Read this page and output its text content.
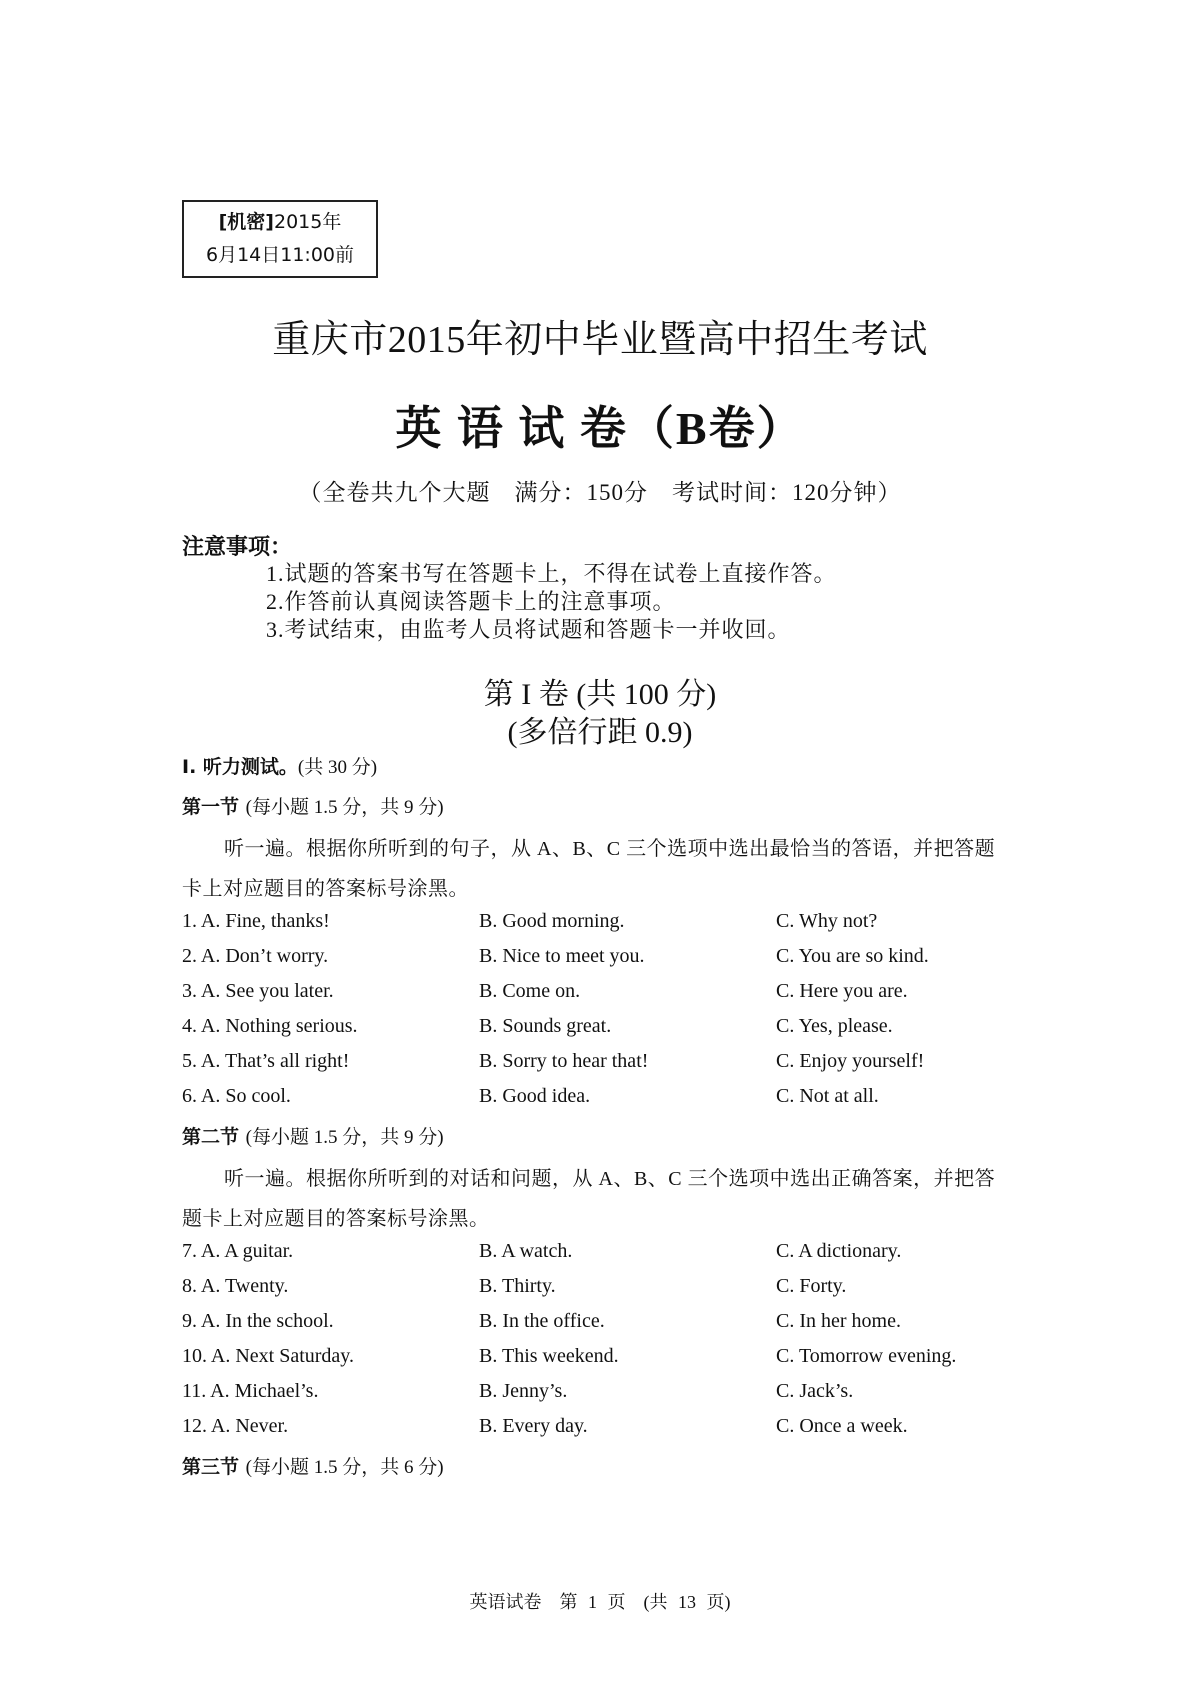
[机密]2015年
6月14日11:00前
重庆市2015年初中毕业暨高中招生考试
英 语 试 卷（B卷）
（全卷共九个大题　满分：150分　考试时间：120分钟）
注意事项：
1.试题的答案书写在答题卡上，不得在试卷上直接作答。
2.作答前认真阅读答题卡上的注意事项。
3.考试结束，由监考人员将试题和答题卡一并收回。
第 I 卷 (共 100 分)
(多倍行距 0.9)
I. 听力测试。(共 30 分)
第一节 (每小题 1.5 分，共 9 分)
听一遍。根据你所听到的句子，从 A、B、C 三个选项中选出最恰当的答语，并把答题
卡上对应题目的答案标号涂黑。
1. A. Fine, thanks!	B. Good morning.	C. Why not?
2. A. Don’t worry.	B. Nice to meet you.	C. You are so kind.
3. A. See you later.	B. Come on.	C. Here you are.
4. A. Nothing serious.	B. Sounds great.	C. Yes, please.
5. A. That’s all right!	B. Sorry to hear that!	C. Enjoy yourself!
6. A. So cool.	B. Good idea.	C. Not at all.
第二节 (每小题 1.5 分，共 9 分)
听一遍。根据你所听到的对话和问题，从 A、B、C 三个选项中选出正确答案，并把答
题卡上对应题目的答案标号涂黑。
7. A. A guitar.	B. A watch.	C. A dictionary.
8. A. Twenty.	B. Thirty.	C. Forty.
9. A. In the school.	B. In the office.	C. In her home.
10. A. Next Saturday.	B. This weekend.	C. Tomorrow evening.
11. A. Michael’s.	B. Jenny’s.	C. Jack’s.
12. A. Never.	B. Every day.	C. Once a week.
第三节 (每小题 1.5 分，共 6 分)
英语试卷　第 1 页　(共 13 页)
